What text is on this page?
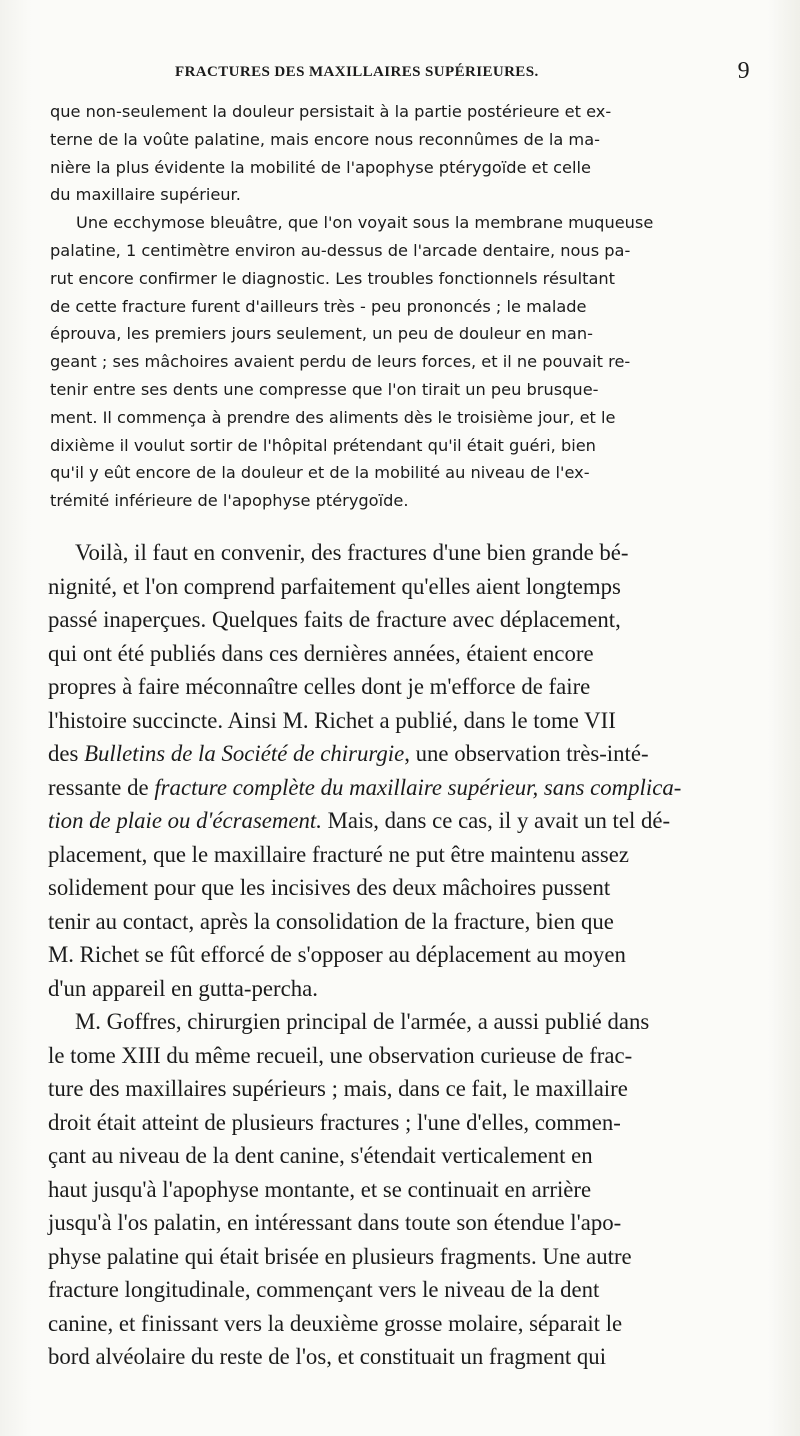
FRACTURES DES MAXILLAIRES SUPÉRIEURES.	9

que non-seulement la douleur persistait à la partie postérieure et ex-
terne de la voûte palatine, mais encore nous reconnûmes de la ma-
nière la plus évidente la mobilité de l'apophyse ptérygoïde et celle
du maxillaire supérieur.

Une ecchymose bleuâtre, que l'on voyait sous la membrane muqueuse
palatine, 1 centimètre environ au-dessus de l'arcade dentaire, nous pa-
rut encore confirmer le diagnostic. Les troubles fonctionnels résultant
de cette fracture furent d'ailleurs très - peu prononcés ; le malade
éprouva, les premiers jours seulement, un peu de douleur en man-
geant ; ses mâchoires avaient perdu de leurs forces, et il ne pouvait re-
tenir entre ses dents une compresse que l'on tirait un peu brusque-
ment. Il commença à prendre des aliments dès le troisième jour, et le
dixième il voulut sortir de l'hôpital prétendant qu'il était guéri, bien
qu'il y eût encore de la douleur et de la mobilité au niveau de l'ex-
trémité inférieure de l'apophyse ptérygoïde.

Voilà, il faut en convenir, des fractures d'une bien grande bé-
nignité, et l'on comprend parfaitement qu'elles aient longtemps
passé inaperçues. Quelques faits de fracture avec déplacement,
qui ont été publiés dans ces dernières années, étaient encore
propres à faire méconnaître celles dont je m'efforce de faire
l'histoire succincte. Ainsi M. Richet a publié, dans le tome VII
des Bulletins de la Société de chirurgie, une observation très-inté-
ressante de fracture complète du maxillaire supérieur, sans complica-
tion de plaie ou d'écrasement. Mais, dans ce cas, il y avait un tel dé-
placement, que le maxillaire fracturé ne put être maintenu assez
solidement pour que les incisives des deux mâchoires pussent
tenir au contact, après la consolidation de la fracture, bien que
M. Richet se fût efforcé de s'opposer au déplacement au moyen
d'un appareil en gutta-percha.

M. Goffres, chirurgien principal de l'armée, a aussi publié dans
le tome XIII du même recueil, une observation curieuse de frac-
ture des maxillaires supérieurs ; mais, dans ce fait, le maxillaire
droit était atteint de plusieurs fractures ; l'une d'elles, commen-
çant au niveau de la dent canine, s'étendait verticalement en
haut jusqu'à l'apophyse montante, et se continuait en arrière
jusqu'à l'os palatin, en intéressant dans toute son étendue l'apo-
physe palatine qui était brisée en plusieurs fragments. Une autre
fracture longitudinale, commençant vers le niveau de la dent
canine, et finissant vers la deuxième grosse molaire, séparait le
bord alvéolaire du reste de l'os, et constituait un fragment qui
